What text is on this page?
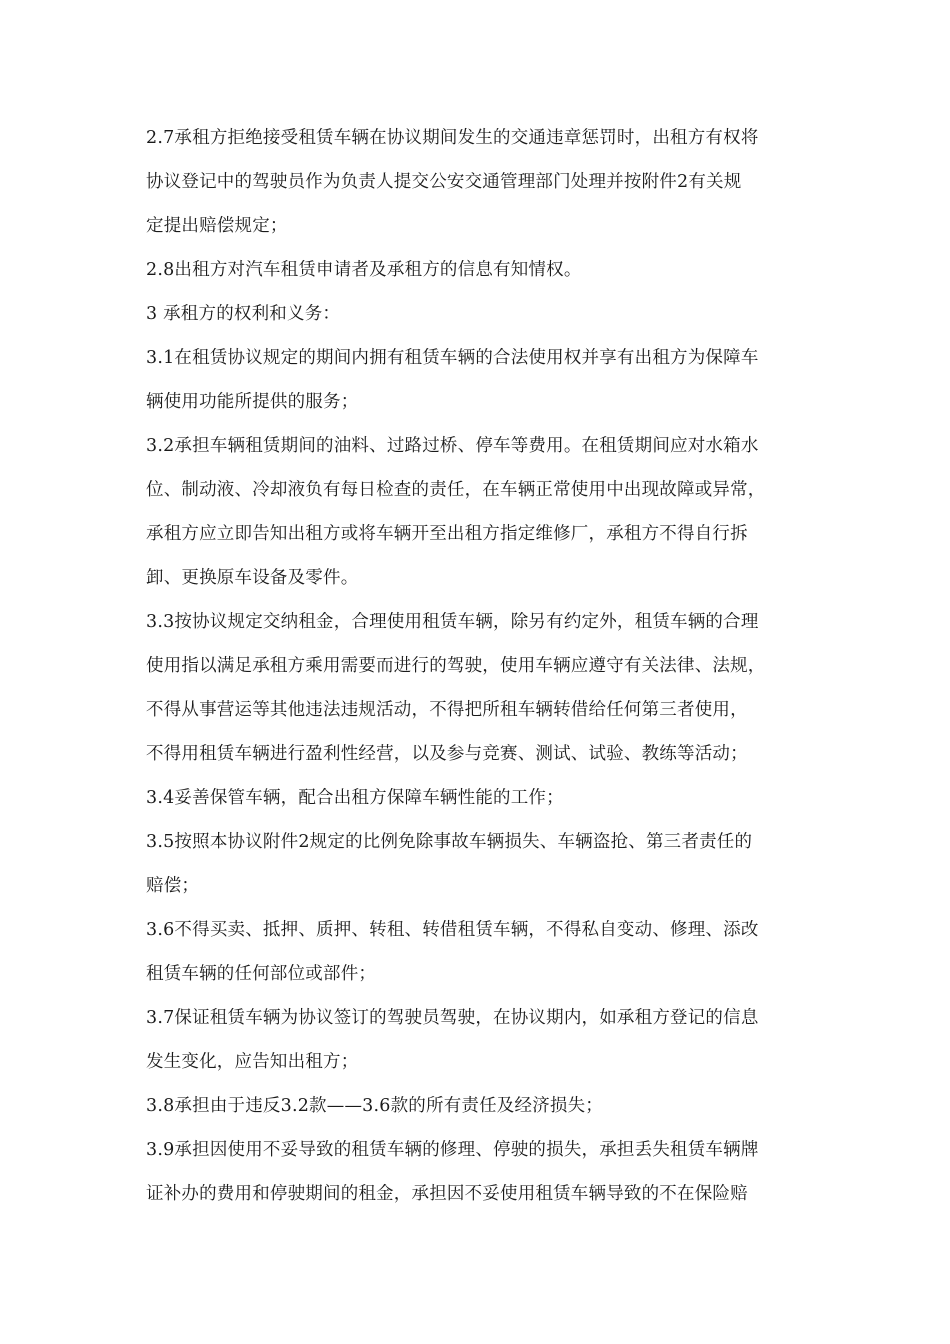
2.7承租方拒绝接受租赁车辆在协议期间发生的交通违章惩罚时，出租方有权将
协议登记中的驾驶员作为负责人提交公安交通管理部门处理并按附件2有关规
定提出赔偿规定；
2.8出租方对汽车租赁申请者及承租方的信息有知情权。
3 承租方的权利和义务：
3.1在租赁协议规定的期间内拥有租赁车辆的合法使用权并享有出租方为保障车
辆使用功能所提供的服务；
3.2承担车辆租赁期间的油料、过路过桥、停车等费用。在租赁期间应对水箱水
位、制动液、冷却液负有每日检查的责任，在车辆正常使用中出现故障或异常，
承租方应立即告知出租方或将车辆开至出租方指定维修厂，承租方不得自行拆
卸、更换原车设备及零件。
3.3按协议规定交纳租金，合理使用租赁车辆，除另有约定外，租赁车辆的合理
使用指以满足承租方乘用需要而进行的驾驶，使用车辆应遵守有关法律、法规，
不得从事营运等其他违法违规活动，不得把所租车辆转借给任何第三者使用，
不得用租赁车辆进行盈利性经营，以及参与竞赛、测试、试验、教练等活动；
3.4妥善保管车辆，配合出租方保障车辆性能的工作；
3.5按照本协议附件2规定的比例免除事故车辆损失、车辆盗抢、第三者责任的
赔偿；
3.6不得买卖、抵押、质押、转租、转借租赁车辆，不得私自变动、修理、添改
租赁车辆的任何部位或部件；
3.7保证租赁车辆为协议签订的驾驶员驾驶，在协议期内，如承租方登记的信息
发生变化，应告知出租方；
3.8承担由于违反3.2款——3.6款的所有责任及经济损失；
3.9承担因使用不妥导致的租赁车辆的修理、停驶的损失，承担丢失租赁车辆牌
证补办的费用和停驶期间的租金，承担因不妥使用租赁车辆导致的不在保险赔
